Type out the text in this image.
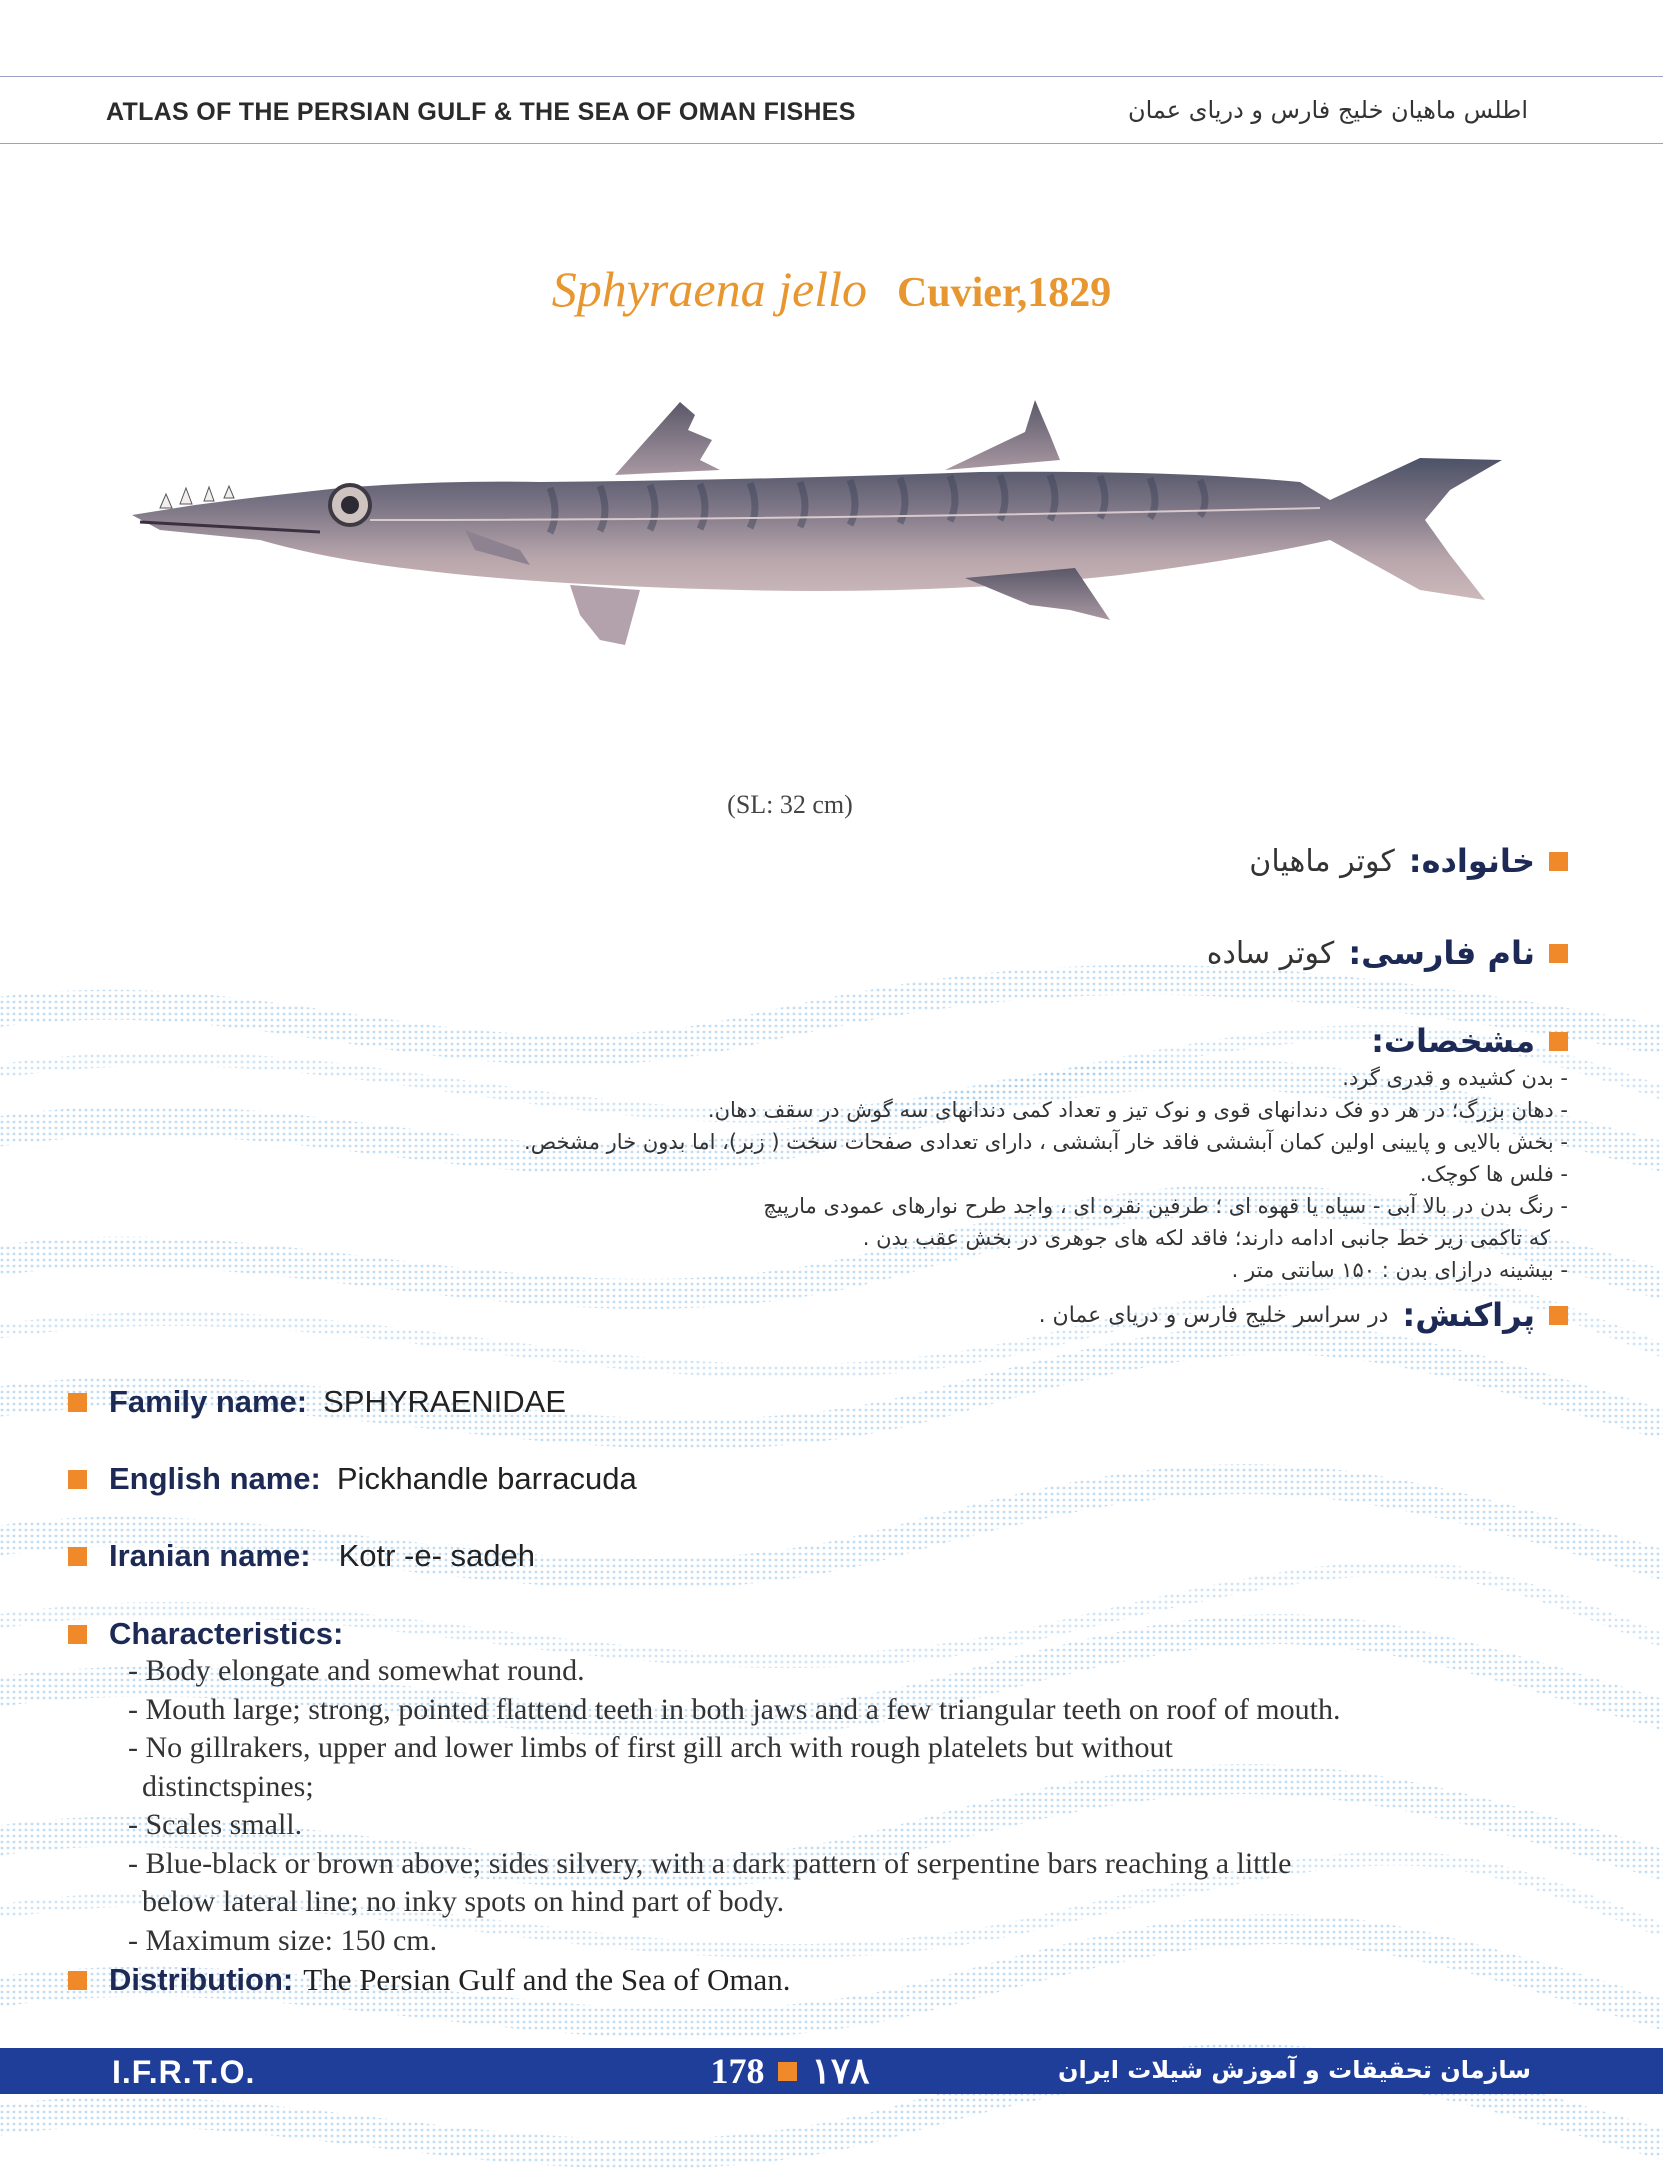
ATLAS OF THE PERSIAN GULF & THE SEA OF OMAN FISHES	اطلس ماهیان خلیج فارس و دریای عمان
Sphyraena jello Cuvier,1829
(SL: 32 cm)
خانواده:
کوتر ماهیان
نام فارسی:
کوتر ساده
مشخصات:
- بدن کشیده و قدری گرد.
- دهان بزرگ؛ در هر دو فک دندانهای قوی و نوک تیز و تعداد کمی دندانهای سه گوش در سقف دهان.
- بخش بالایی و پایینی اولین کمان آبششی فاقد خار آبششی ، دارای تعدادی صفحات سخت ( زبر)، اما بدون خار مشخص.
- فلس ها کوچک.
- رنگ بدن در بالا آبی - سیاه یا قهوه ای ؛ طرفین نقره ای ، واجد طرح نوارهای عمودی مارپیچ
که تاکمی زیر خط جانبی ادامه دارند؛ فاقد لکه های جوهری در بخش عقب بدن .
- بیشینه درازای بدن : ۱۵۰ سانتی متر .
پراکنش:
در سراسر خلیج فارس و دریای عمان .
Family name: SPHYRAENIDAE
English name: Pickhandle barracuda
Iranian name: Kotr -e- sadeh
Characteristics:
- Body elongate and somewhat round.
- Mouth large; strong, pointed flattend teeth in both jaws and a few triangular teeth on roof of mouth.
- No gillrakers, upper and lower limbs of first gill arch with rough platelets but without
distinctspines;
- Scales small.
- Blue-black or brown above; sides silvery, with a dark pattern of serpentine bars reaching a little
below lateral line; no inky spots on hind part of body.
- Maximum size: 150 cm.
Distribution: The Persian Gulf and the Sea of Oman.
I.F.R.T.O.	178 ۱۷۸	سازمان تحقیقات و آموزش شیلات ایران
